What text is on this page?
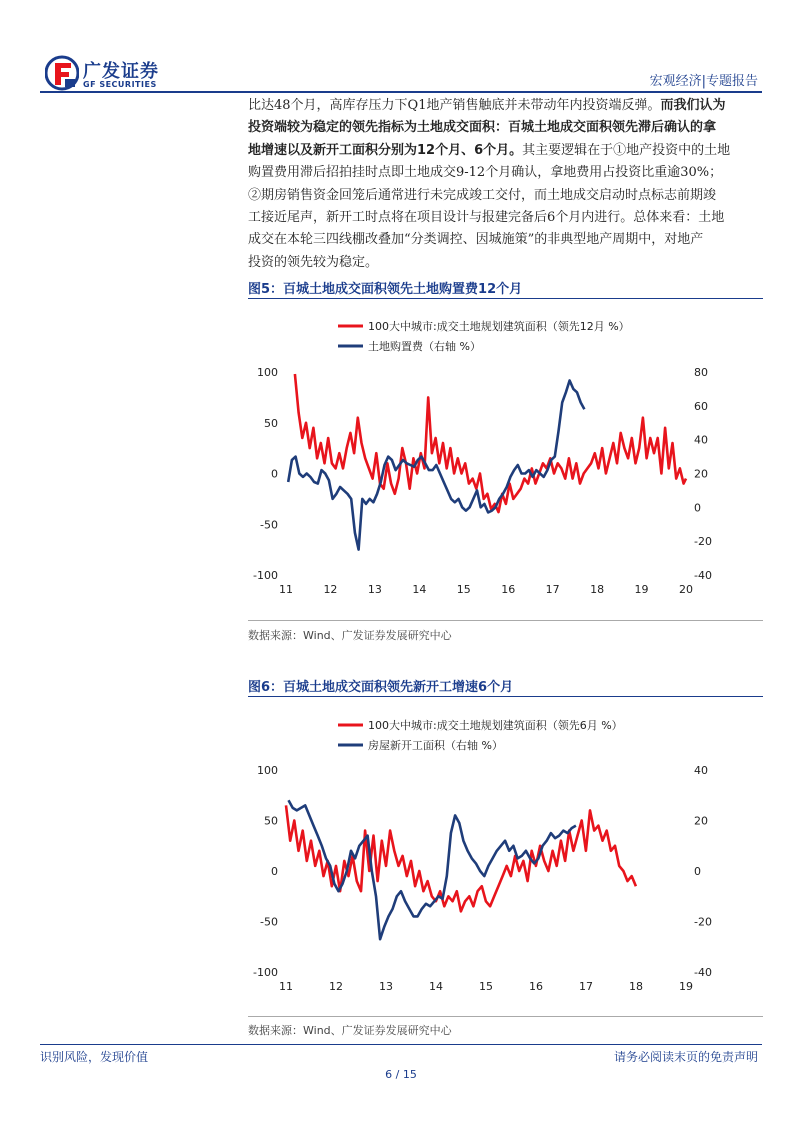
广发证券
GF SECURITIES	宏观经济|专题报告
比达48个月，高库存压力下Q1地产销售触底并未带动年内投资端反弹。而我们认为
投资端较为稳定的领先指标为土地成交面积：百城土地成交面积领先滞后确认的拿
地增速以及新开工面积分别为12个月、6个月。其主要逻辑在于①地产投资中的土地
购置费用滞后招拍挂时点即土地成交9-12个月确认，拿地费用占投资比重逾30%；
②期房销售资金回笼后通常进行未完成竣工交付，而土地成交启动时点标志前期竣
工接近尾声，新开工时点将在项目设计与报建完备后6个月内进行。总体来看：土地
成交在本轮三四线棚改叠加“分类调控、因城施策”的非典型地产周期中，对地产
投资的领先较为稳定。
图5：百城土地成交面积领先土地购置费12个月
100大中城市:成交土地规划建筑面积（领先12月 %）
土地购置费（右轴 %）
100
50
0
-50
-100
80
60
40
20
0
-20
-40
11	12	13	14	15	16	17	18	19	20
数据来源：Wind、广发证券发展研究中心
图6：百城土地成交面积领先新开工增速6个月
100大中城市:成交土地规划建筑面积（领先6月 %）
房屋新开工面积（右轴 %）
100
50
0
-50
-100
40
20
0
-20
-40
11	12	13	14	15	16	17	18	19
数据来源：Wind、广发证券发展研究中心
识别风险，发现价值	请务必阅读末页的免责声明
6 / 15
